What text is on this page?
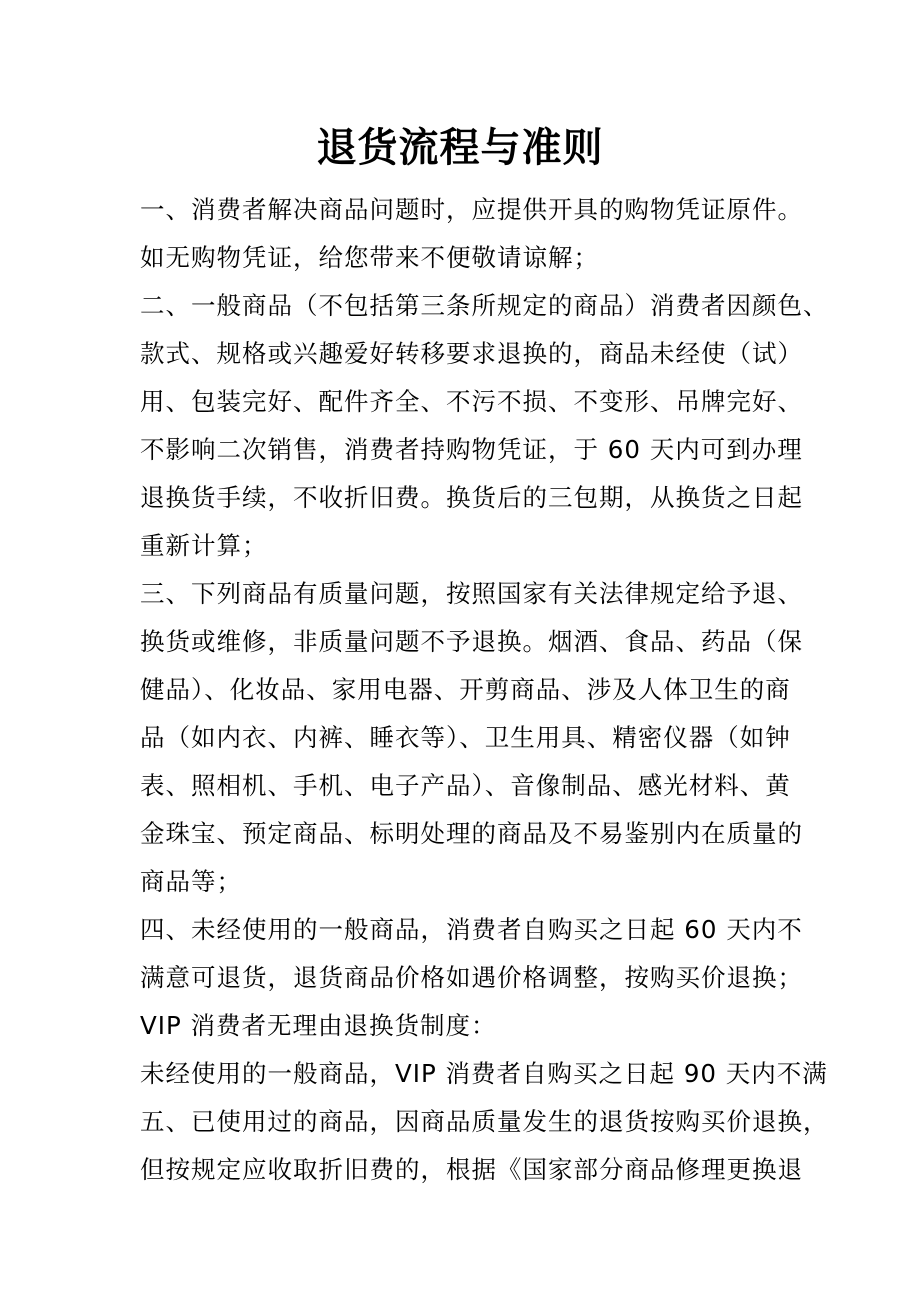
退货流程与准则
一、消费者解决商品问题时，应提供开具的购物凭证原件。
如无购物凭证，给您带来不便敬请谅解；
二、一般商品（不包括第三条所规定的商品）消费者因颜色、
款式、规格或兴趣爱好转移要求退换的，商品未经使（试）
用、包装完好、配件齐全、不污不损、不变形、吊牌完好、
不影响二次销售，消费者持购物凭证，于 60 天内可到办理
退换货手续，不收折旧费。换货后的三包期，从换货之日起
重新计算；
三、下列商品有质量问题，按照国家有关法律规定给予退、
换货或维修，非质量问题不予退换。烟酒、食品、药品（保
健品）、化妆品、家用电器、开剪商品、涉及人体卫生的商
品（如内衣、内裤、睡衣等）、卫生用具、精密仪器（如钟
表、照相机、手机、电子产品）、音像制品、感光材料、黄
金珠宝、预定商品、标明处理的商品及不易鉴别内在质量的
商品等；
四、未经使用的一般商品，消费者自购买之日起 60 天内不
满意可退货，退货商品价格如遇价格调整，按购买价退换；
VIP 消费者无理由退换货制度：
未经使用的一般商品，VIP 消费者自购买之日起 90 天内不满
五、已使用过的商品，因商品质量发生的退货按购买价退换，
但按规定应收取折旧费的，根据《国家部分商品修理更换退
